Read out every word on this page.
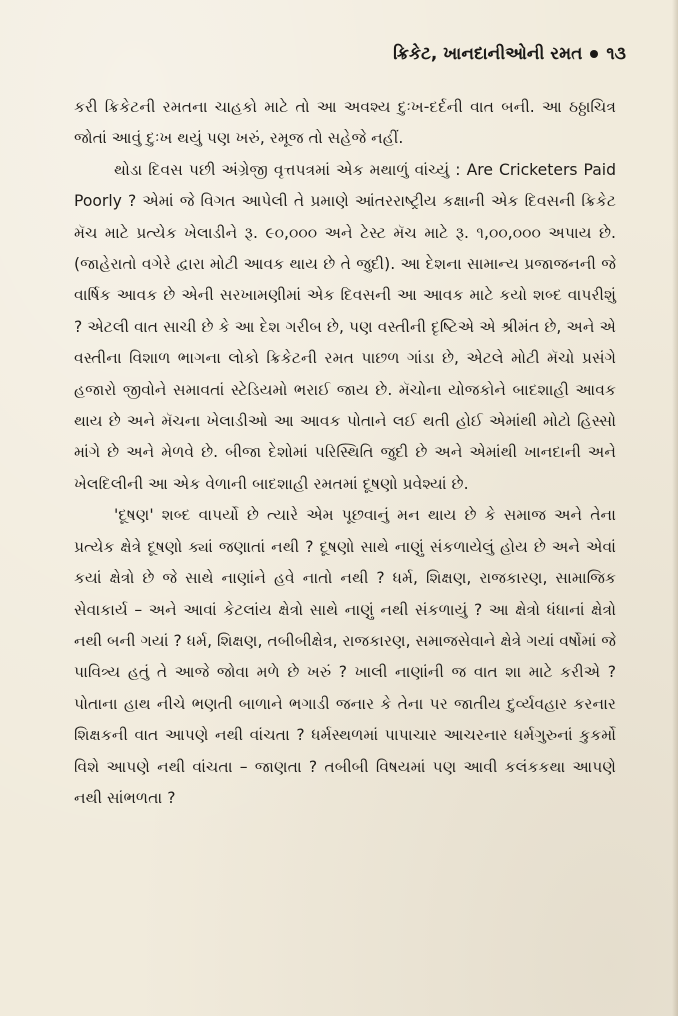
ક્રિકેટ, ખાનદાનીઓની રમત ૧૩

કરી ક્રિકેટની રમતના ચાહકો માટે તો આ અવશ્ય દુઃખ-દર્દની વાત બની. આ ઠઠ્ઠાચિત્ર જોતાં આવું દુઃખ થયું પણ ખરું, રમૂજ તો સહેજે નહીં.

થોડા દિવસ પછી અંગ્રેજી વૃત્તપત્રમાં એક મથાળું વાંચ્યું : Are Cricketers Paid Poorly ? એમાં જે વિગત આપેલી તે પ્રમાણે આંતરરાષ્ટ્રીય કક્ષાની એક દિવસની ક્રિકેટ મૅચ માટે પ્રત્યેક ખેલાડીને રૂ. ૯૦,૦૦૦ અને ટેસ્ટ મૅચ માટે રૂ. ૧,૦૦,૦૦૦ અપાય છે. (જાહેરાતો વગેરે દ્વારા મોટી આવક થાય છે તે જુદી). આ દેશના સામાન્ય પ્રજાજનની જે વાર્ષિક આવક છે એની સરખામણીમાં એક દિવસની આ આવક માટે કયો શબ્દ વાપરીશું ? એટલી વાત સાચી છે કે આ દેશ ગરીબ છે, પણ વસ્તીની દૃષ્ટિએ એ શ્રીમંત છે, અને એ વસ્તીના વિશાળ ભાગના લોકો ક્રિકેટની રમત પાછળ ગાંડા છે, એટલે મોટી મૅચો પ્રસંગે હજારો જીવોને સમાવતાં સ્ટેડિયમો ભરાઈ જાય છે. મૅચોના યોજકોને બાદશાહી આવક થાય છે અને મૅચના ખેલાડીઓ આ આવક પોતાને લઈ થતી હોઈ એમાંથી મોટો હિસ્સો માંગે છે અને મેળવે છે. બીજા દેશોમાં પરિસ્થિતિ જુદી છે અને એમાંથી ખાનદાની અને ખેલદિલીની આ એક વેળાની બાદશાહી રમતમાં દૂષણો પ્રવેશ્યાં છે.

'દૂષણ' શબ્દ વાપર્યો છે ત્યારે એમ પૂછવાનું મન થાય છે કે સમાજ અને તેના પ્રત્યેક ક્ષેત્રે દૂષણો ક્યાં જણાતાં નથી ? દૂષણો સાથે નાણું સંકળાયેલું હોય છે અને એવાં કયાં ક્ષેત્રો છે જે સાથે નાણાંને હવે નાતો નથી ? ધર્મ, શિક્ષણ, રાજકારણ, સામાજિક સેવાકાર્ય – અને આવાં કેટલાંય ક્ષેત્રો સાથે નાણું નથી સંકળાયું ? આ ક્ષેત્રો ધંધાનાં ક્ષેત્રો નથી બની ગયાં ? ધર્મ, શિક્ષણ, તબીબીક્ષેત્ર, રાજકારણ, સમાજસેવાને ક્ષેત્રે ગયાં વર્ષોમાં જે પાવિત્ર્ય હતું તે આજે જોવા મળે છે ખરું ? ખાલી નાણાંની જ વાત શા માટે કરીએ ? પોતાના હાથ નીચે ભણતી બાળાને ભગાડી જનાર કે તેના પર જાતીય દુર્વ્યવહાર કરનાર શિક્ષકની વાત આપણે નથી વાંચતા ? ધર્મસ્થળમાં પાપાચાર આચરનાર ધર્મગુરુનાં કુકર્મો વિશે આપણે નથી વાંચતા – જાણતા ? તબીબી વિષયમાં પણ આવી કલંકકથા આપણે નથી સાંભળતા ?
